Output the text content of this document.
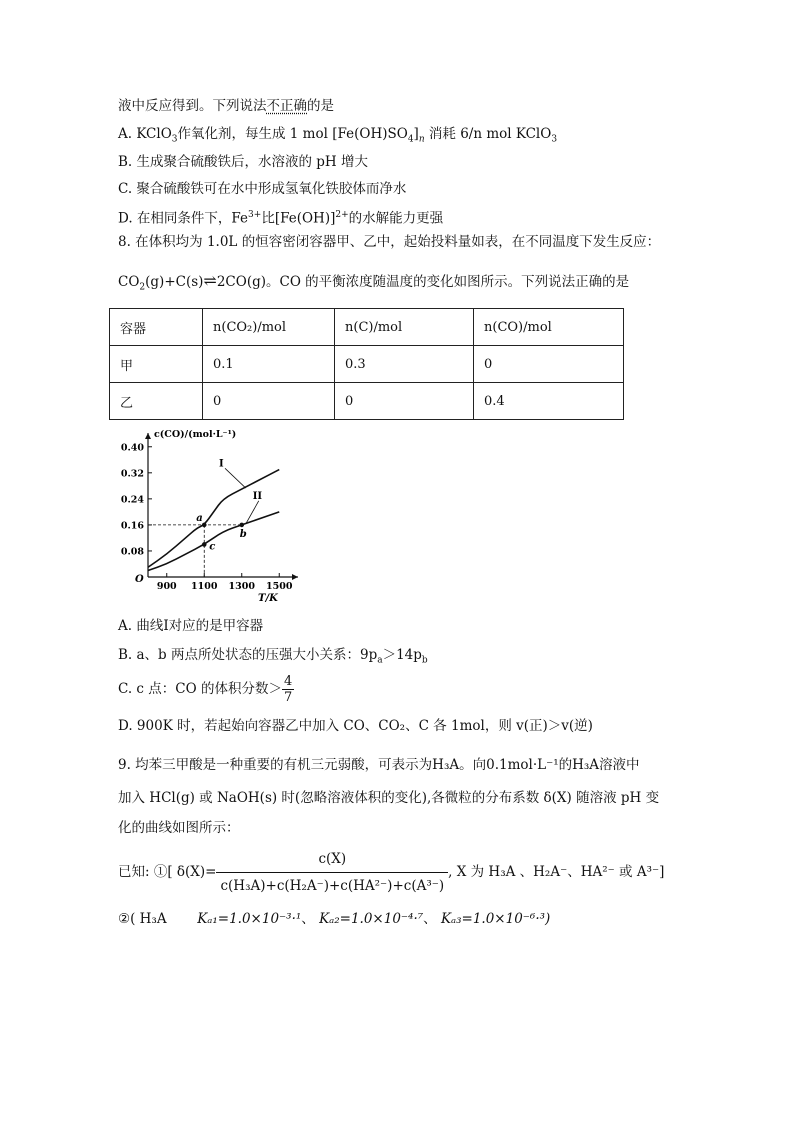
液中反应得到。下列说法不正确的是
A. KClO$_3$作氧化剂，每生成 1 mol $[Fe(OH)SO_4]_n$ 消耗 6/n mol KClO$_3$
B. 生成聚合硫酸铁后，水溶液的 pH 增大
C. 聚合硫酸铁可在水中形成氢氧化铁胶体而净水
D. 在相同条件下，$Fe^{3+}$比$[Fe(OH)]^{2+}$的水解能力更强
8. 在体积均为 1.0L 的恒容密闭容器甲、乙中，起始投料量如表，在不同温度下发生反应：
$CO_2(g)+C(s)\rightleftharpoons 2CO(g)$。CO 的平衡浓度随温度的变化如图所示。下列说法正确的是
容器	n(CO₂)/mol	n(C)/mol	n(CO)/mol
甲	0.1	0.3	0
乙	0	0	0.4
c(CO)/(mol·L⁻¹)
T/K
O
0.08
0.16
0.24
0.32
0.40
900 1100 1300 1500
I
II
a
b
c
A. 曲线Ⅰ对应的是甲容器
B. a、b 两点所处状态的压强大小关系：$9p_a>14p_b$
C. c 点：CO 的体积分数＞ $\frac{4}{7}$
D. 900K 时，若起始向容器乙中加入 CO、CO₂、C 各 1mol，则 v(正)＞v(逆)
9. 均苯三甲酸是一种重要的有机三元弱酸，可表示为H₃A。向0.1mol·L⁻¹的H₃A溶液中
加入 HCl(g) 或 NaOH(s) 时(忽略溶液体积的变化),各微粒的分布系数 δ(X) 随溶液 pH 变
化的曲线如图所示：
已知: ①[ $\delta(X)= \frac{c(X)}{\text{c(H₃A)+c(H₂A⁻)+c(HA²⁻)+c(A³⁻)}}$ , X 为 H₃A 、H₂A⁻、HA²⁻ 或 A³⁻]
②( H₃A Kₐ₁=1.0×10⁻³·¹、 Kₐ₂=1.0×10⁻⁴·⁷、 Kₐ₃=1.0×10⁻⁶·³)
